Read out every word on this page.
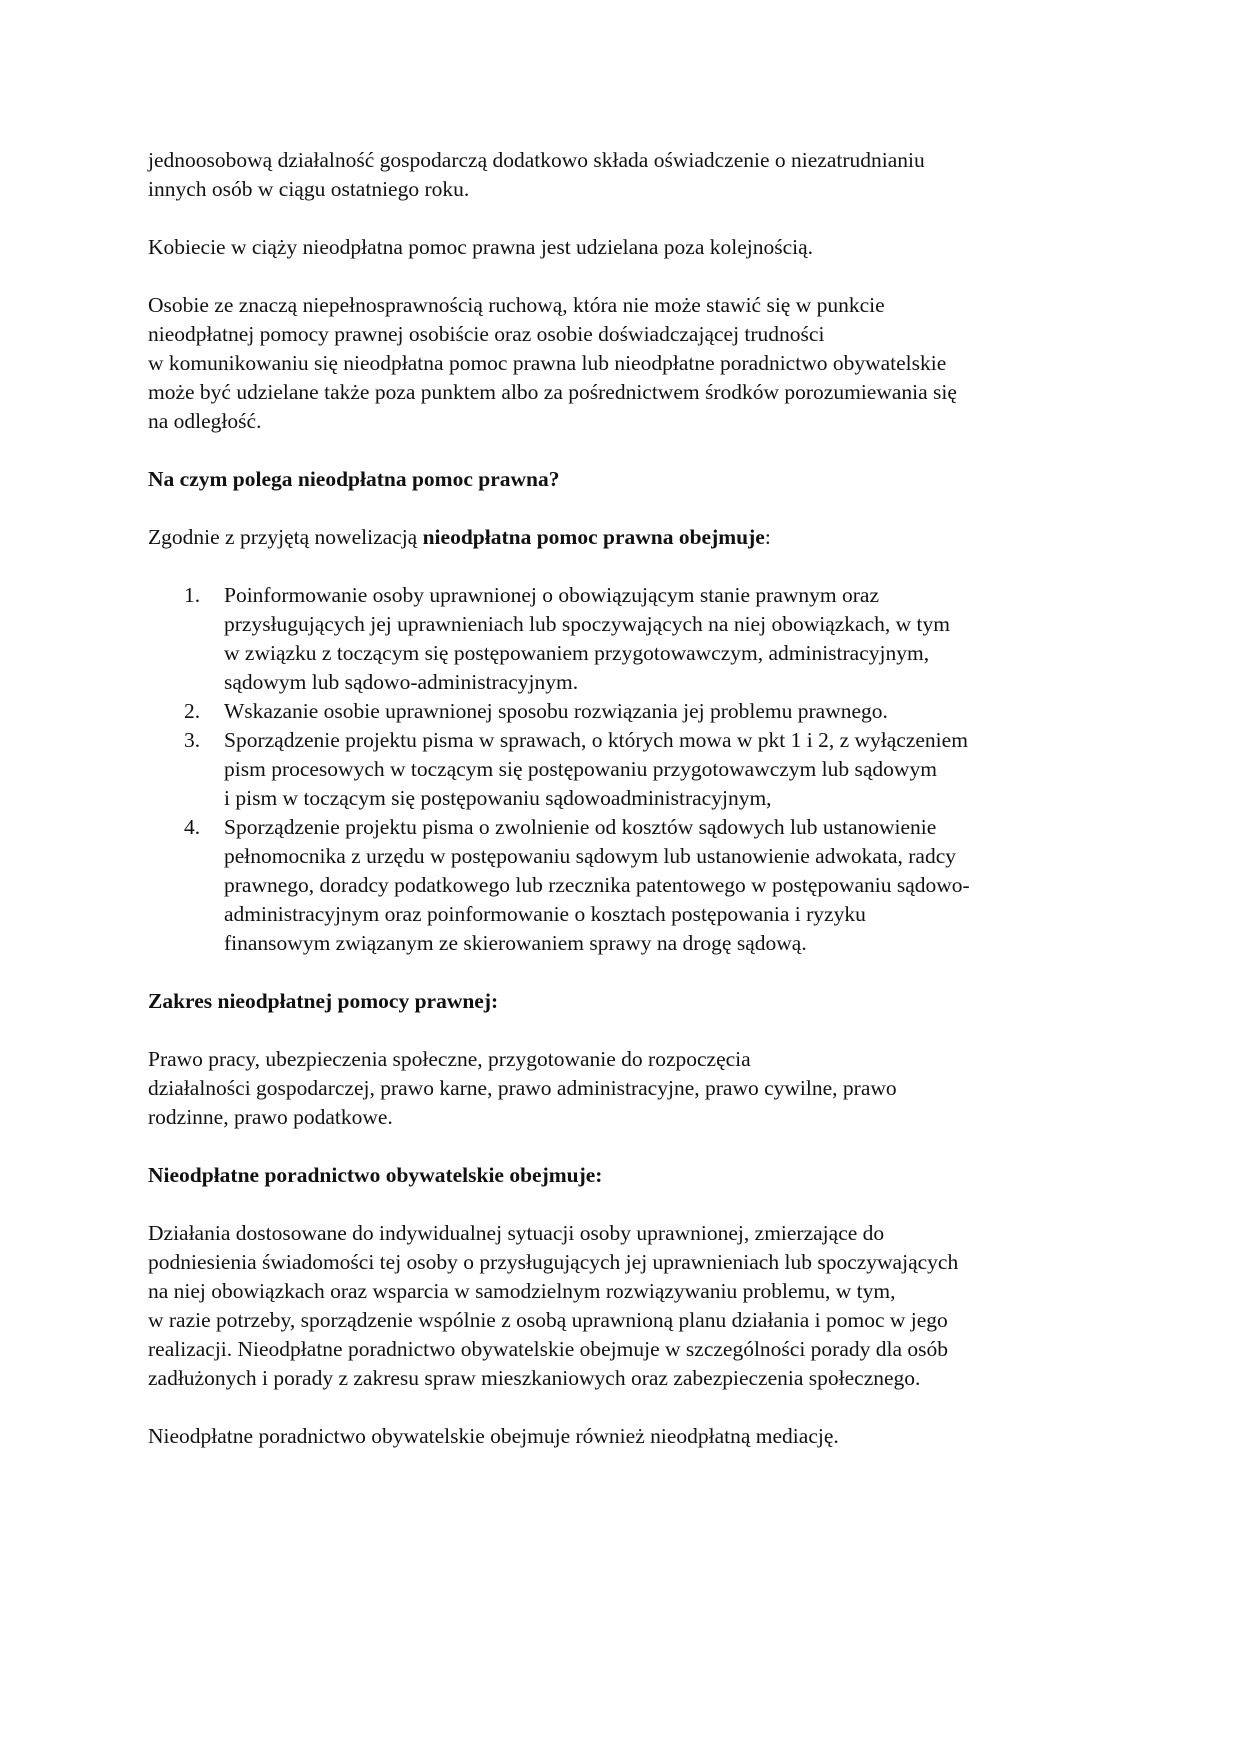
jednoosobową działalność gospodarczą dodatkowo składa oświadczenie o niezatrudnianiu
innych osób w ciągu ostatniego roku.

Kobiecie w ciąży nieodpłatna pomoc prawna jest udzielana poza kolejnością.

Osobie ze znaczą niepełnosprawnością ruchową, która nie może stawić się w punkcie
nieodpłatnej pomocy prawnej osobiście oraz osobie doświadczającej trudności
w komunikowaniu się nieodpłatna pomoc prawna lub nieodpłatne poradnictwo obywatelskie
może być udzielane także poza punktem albo za pośrednictwem środków porozumiewania się
na odległość.

Na czym polega nieodpłatna pomoc prawna?

Zgodnie z przyjętą nowelizacją nieodpłatna pomoc prawna obejmuje:

1. Poinformowanie osoby uprawnionej o obowiązującym stanie prawnym oraz
przysługujących jej uprawnieniach lub spoczywających na niej obowiązkach, w tym
w związku z toczącym się postępowaniem przygotowawczym, administracyjnym,
sądowym lub sądowo-administracyjnym.
2. Wskazanie osobie uprawnionej sposobu rozwiązania jej problemu prawnego.
3. Sporządzenie projektu pisma w sprawach, o których mowa w pkt 1 i 2, z wyłączeniem
pism procesowych w toczącym się postępowaniu przygotowawczym lub sądowym
i pism w toczącym się postępowaniu sądowoadministracyjnym,
4. Sporządzenie projektu pisma o zwolnienie od kosztów sądowych lub ustanowienie
pełnomocnika z urzędu w postępowaniu sądowym lub ustanowienie adwokata, radcy
prawnego, doradcy podatkowego lub rzecznika patentowego w postępowaniu sądowo-
administracyjnym oraz poinformowanie o kosztach postępowania i ryzyku
finansowym związanym ze skierowaniem sprawy na drogę sądową.

Zakres nieodpłatnej pomocy prawnej:

Prawo pracy, ubezpieczenia społeczne, przygotowanie do rozpoczęcia
działalności gospodarczej, prawo karne, prawo administracyjne, prawo cywilne, prawo
rodzinne, prawo podatkowe.

Nieodpłatne poradnictwo obywatelskie obejmuje:

Działania dostosowane do indywidualnej sytuacji osoby uprawnionej, zmierzające do
podniesienia świadomości tej osoby o przysługujących jej uprawnieniach lub spoczywających
na niej obowiązkach oraz wsparcia w samodzielnym rozwiązywaniu problemu, w tym,
w razie potrzeby, sporządzenie wspólnie z osobą uprawnioną planu działania i pomoc w jego
realizacji. Nieodpłatne poradnictwo obywatelskie obejmuje w szczególności porady dla osób
zadłużonych i porady z zakresu spraw mieszkaniowych oraz zabezpieczenia społecznego.

Nieodpłatne poradnictwo obywatelskie obejmuje również nieodpłatną mediację.
